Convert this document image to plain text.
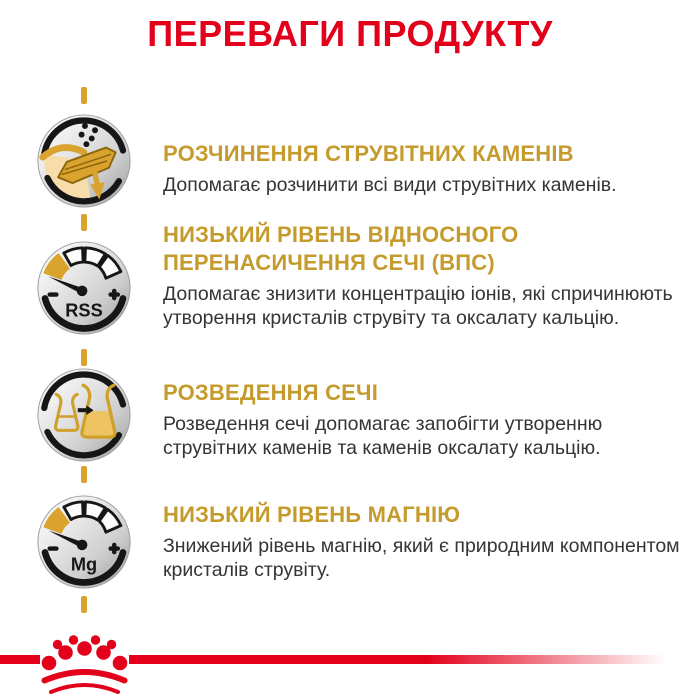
ПЕРЕВАГИ ПРОДУКТУ
RSS
Mg
РОЗЧИНЕННЯ СТРУВІТНИХ КАМЕНІВ

Допомагає розчинити всі види струвітних каменів.

НИЗЬКИЙ РІВЕНЬ ВІДНОСНОГО ПЕРЕНАСИЧЕННЯ СЕЧІ (ВПС)

Допомагає знизити концентрацію іонів, які спричинюють утворення кристалів струвіту та оксалату кальцію.

РОЗВЕДЕННЯ СЕЧІ

Розведення сечі допомагає запобігти утворенню струвітних каменів та каменів оксалату кальцію.

НИЗЬКИЙ РІВЕНЬ МАГНІЮ

Знижений рівень магнію, який є природним компонентом кристалів струвіту.
